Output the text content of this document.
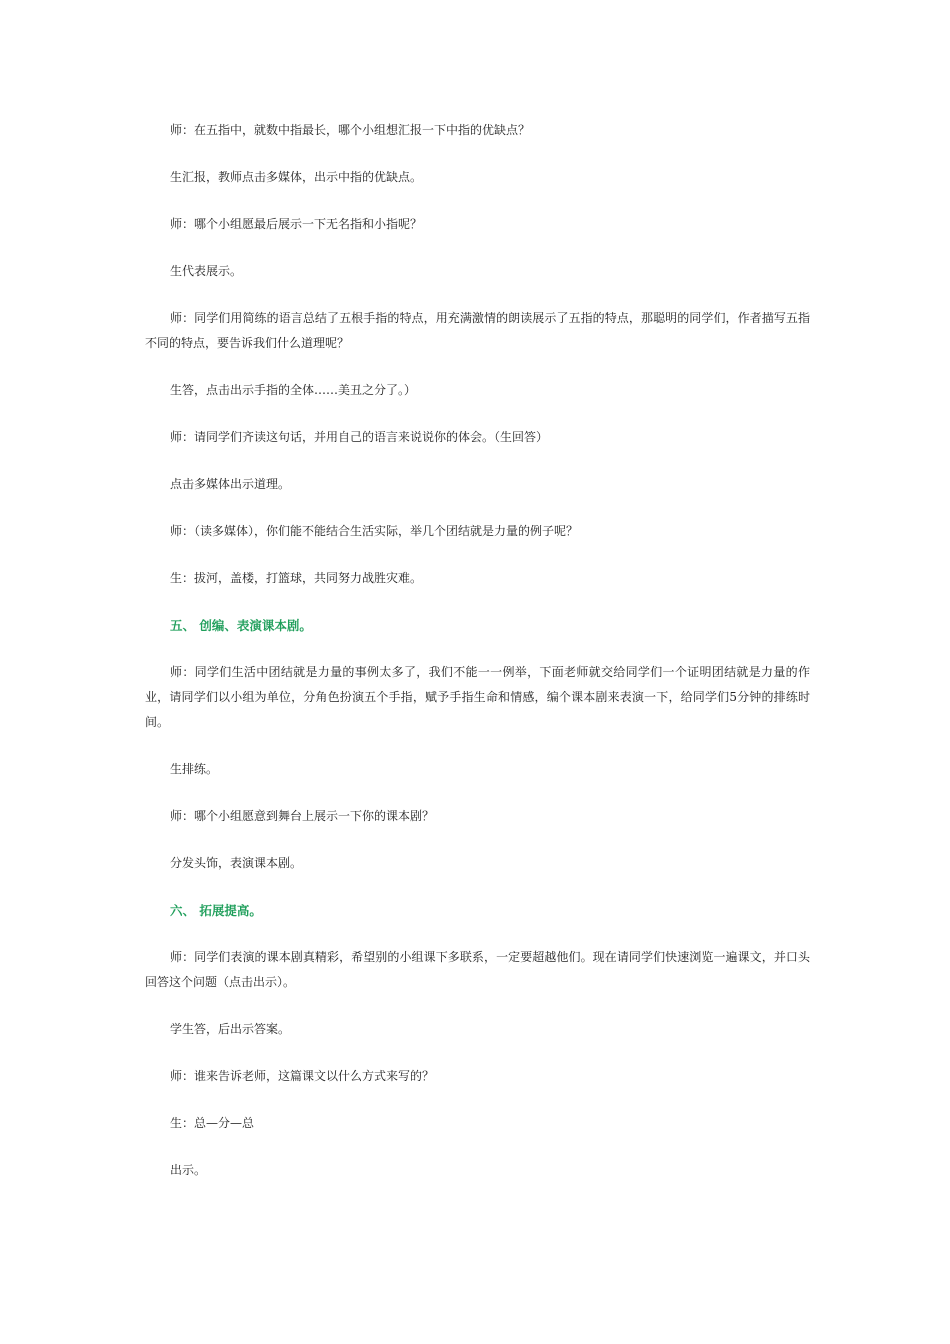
师：在五指中，就数中指最长，哪个小组想汇报一下中指的优缺点？

生汇报，教师点击多媒体，出示中指的优缺点。

师：哪个小组愿最后展示一下无名指和小指呢？

生代表展示。

师：同学们用简练的语言总结了五根手指的特点，用充满激情的朗读展示了五指的特点，那聪明的同学们，作者描写五指不同的特点，要告诉我们什么道理呢？

生答，点击出示手指的全体……美丑之分了。）

师：请同学们齐读这句话，并用自己的语言来说说你的体会。（生回答）

点击多媒体出示道理。

师：（读多媒体），你们能不能结合生活实际，举几个团结就是力量的例子呢？

生：拔河，盖楼，打篮球，共同努力战胜灾难。

五、 创编、表演课本剧。

师：同学们生活中团结就是力量的事例太多了，我们不能一一例举，下面老师就交给同学们一个证明团结就是力量的作业，请同学们以小组为单位，分角色扮演五个手指，赋予手指生命和情感，编个课本剧来表演一下，给同学们5分钟的排练时间。

生排练。

师：哪个小组愿意到舞台上展示一下你的课本剧？

分发头饰，表演课本剧。

六、 拓展提高。

师：同学们表演的课本剧真精彩，希望别的小组课下多联系，一定要超越他们。现在请同学们快速浏览一遍课文，并口头回答这个问题（点击出示）。

学生答，后出示答案。

师：谁来告诉老师，这篇课文以什么方式来写的？

生：总—分—总

出示。
